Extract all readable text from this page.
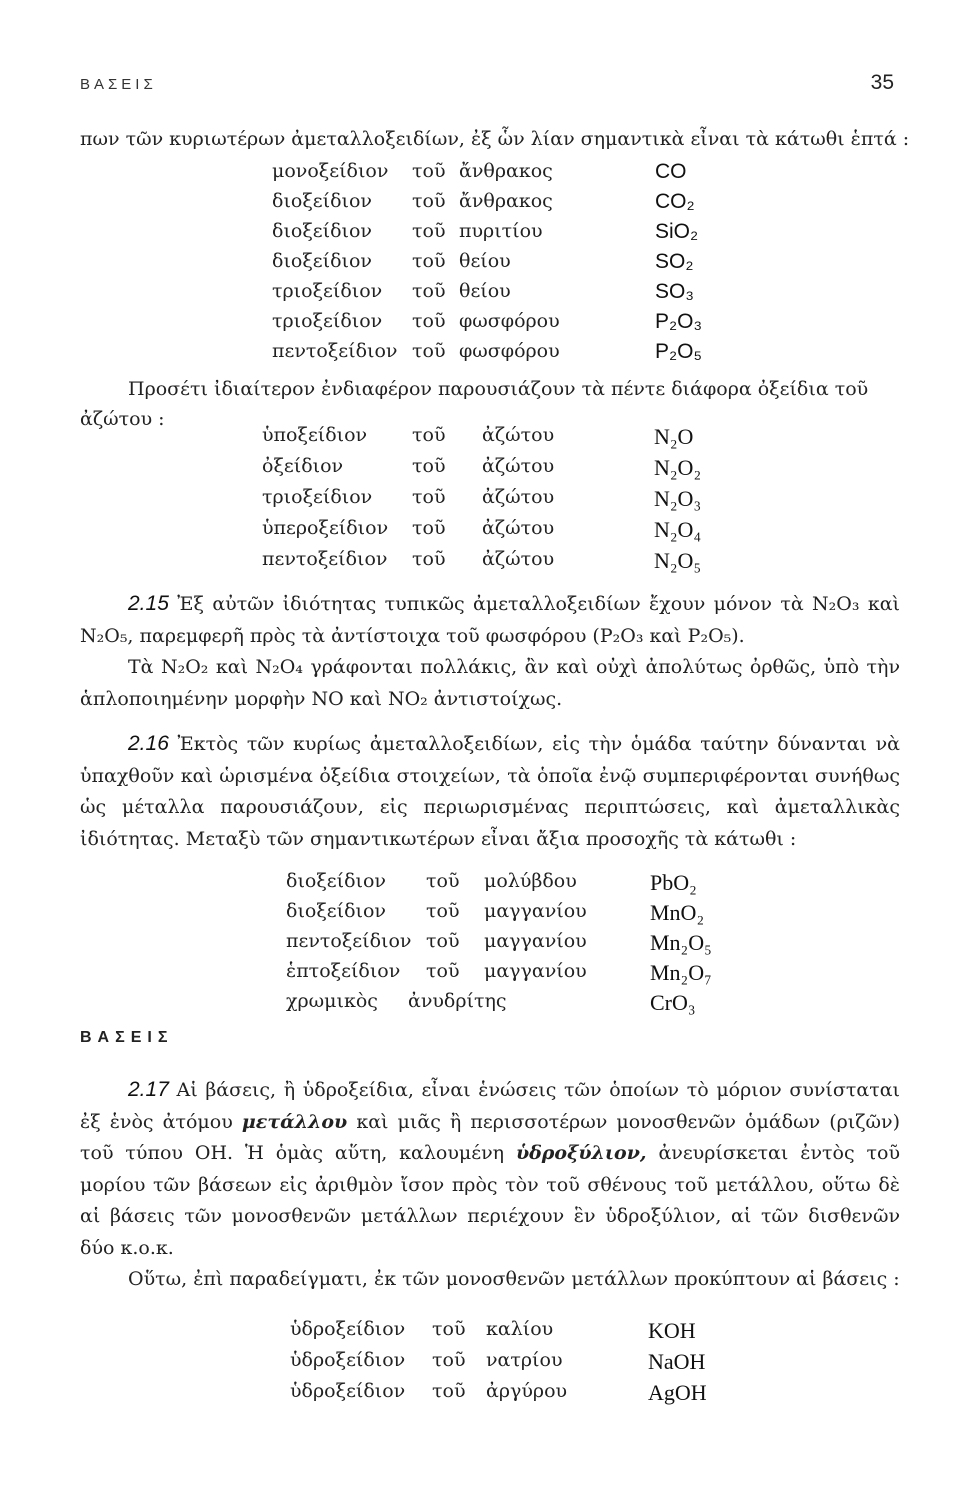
ΒΑΣΕΙΣ	35
πων τῶν κυριωτέρων ἀμεταλλοξειδίων, ἐξ ὧν λίαν σημαντικὰ εἶναι τὰ κάτωθι ἑπτά :
μονοξείδιον τοῦ ἄνθρακος	CO
διοξείδιον τοῦ ἄνθρακος	CO₂
διοξείδιον τοῦ πυριτίου	SiO₂
διοξείδιον τοῦ θείου	SO₂
τριοξείδιον τοῦ θείου	SO₃
τριοξείδιον τοῦ φωσφόρου	P₂O₃
πεντοξείδιον τοῦ φωσφόρου	P₂O₅
Προσέτι ἰδιαίτερον ἐνδιαφέρον παρουσιάζουν τὰ πέντε διάφορα ὀξείδια τοῦ
ἀζώτου :
ὑποξείδιον τοῦ ἀζώτου	N₂O
ὀξείδιον	τοῦ ἀζώτου	N₂O₂
τριοξείδιον τοῦ ἀζώτου	N₂O₃
ὑπεροξείδιον τοῦ ἀζώτου	N₂O₄
πεντοξείδιον τοῦ ἀζώτου	N₂O₅
2.15 Ἐξ αὐτῶν ἰδιότητας τυπικῶς ἀμεταλλοξειδίων ἔχουν μόνον τὰ N₂O₃ καὶ N₂O₅, παρεμφερῆ πρὸς τὰ ἀντίστοιχα τοῦ φωσφόρου (P₂O₃ καὶ P₂O₅).
Τὰ N₂O₂ καὶ N₂O₄ γράφονται πολλάκις, ἂν καὶ οὐχὶ ἀπολύτως ὀρθῶς, ὑπὸ τὴν ἁπλοποιημένην μορφὴν NO καὶ NO₂ ἀντιστοίχως.
2.16 Ἐκτὸς τῶν κυρίως ἀμεταλλοξειδίων, εἰς τὴν ὁμάδα ταύτην δύνανται νὰ ὑπαχθοῦν καὶ ὡρισμένα ὀξείδια στοιχείων, τὰ ὁποῖα ἐνῷ συμπεριφέρονται συνήθως ὡς μέταλλα παρουσιάζουν, εἰς περιωρισμένας περιπτώσεις, καὶ ἀμεταλλικὰς ἰδιότητας. Μεταξὺ τῶν σημαντικωτέρων εἶναι ἄξια προσοχῆς τὰ κάτωθι :
διοξείδιον τοῦ μολύβδου	PbO₂
διοξείδιον τοῦ μαγγανίου	MnO₂
πεντοξείδιον τοῦ μαγγανίου	Mn₂O₅
ἑπτοξείδιον τοῦ μαγγανίου	Mn₂O₇
χρωμικὸς ἀνυδρίτης	CrO₃
ΒΑΣΕΙΣ
2.17 Αἱ βάσεις, ἢ ὑδροξείδια, εἶναι ἑνώσεις τῶν ὁποίων τὸ μόριον συνίσταται ἐξ ἑνὸς ἀτόμου μετάλλου καὶ μιᾶς ἢ περισσοτέρων μονοσθενῶν ὁμάδων (ριζῶν) τοῦ τύπου OH. Ἡ ὁμὰς αὕτη, καλουμένη ὑδροξύλιον, ἀνευρίσκεται ἐντὸς τοῦ μορίου τῶν βάσεων εἰς ἀριθμὸν ἴσον πρὸς τὸν τοῦ σθένους τοῦ μετάλλου, οὕτω δὲ αἱ βάσεις τῶν μονοσθενῶν μετάλλων περιέχουν ἓν ὑδροξύλιον, αἱ τῶν δισθενῶν δύο κ.ο.κ.
Οὕτω, ἐπὶ παραδείγματι, ἐκ τῶν μονοσθενῶν μετάλλων προκύπτουν αἱ βάσεις :
ὑδροξείδιον τοῦ καλίου	KOH
ὑδροξείδιον τοῦ νατρίου	NaOH
ὑδροξείδιον τοῦ ἀργύρου	AgOH
